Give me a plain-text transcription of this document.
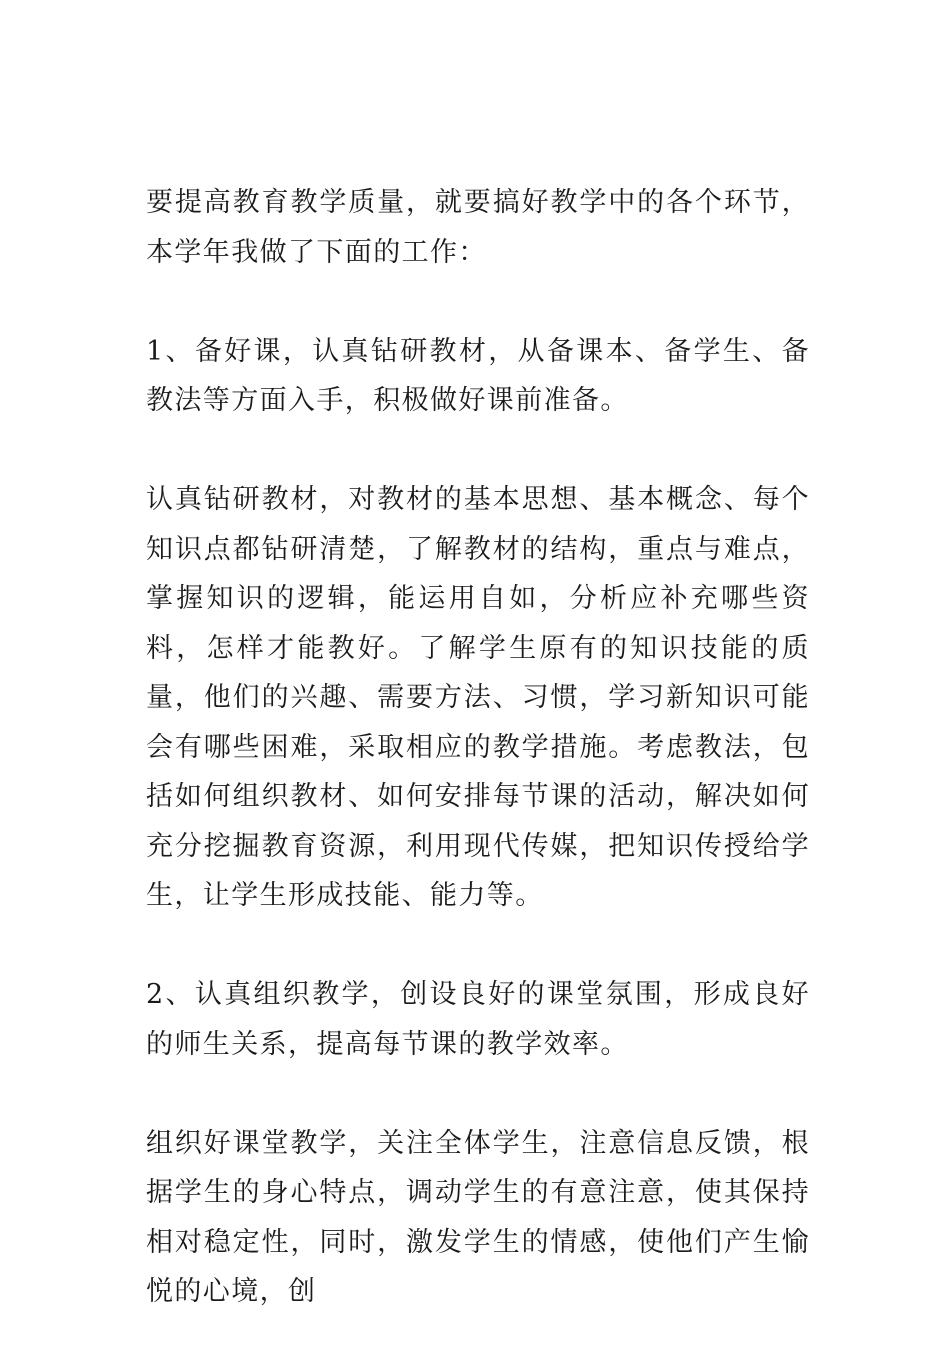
要提高教育教学质量，就要搞好教学中的各个环节，本学年我做了下面的工作：

1、备好课，认真钻研教材，从备课本、备学生、备教法等方面入手，积极做好课前准备。

认真钻研教材，对教材的基本思想、基本概念、每个知识点都钻研清楚，了解教材的结构，重点与难点，掌握知识的逻辑，能运用自如，分析应补充哪些资料，怎样才能教好。了解学生原有的知识技能的质量，他们的兴趣、需要方法、习惯，学习新知识可能会有哪些困难，采取相应的教学措施。考虑教法，包括如何组织教材、如何安排每节课的活动，解决如何充分挖掘教育资源，利用现代传媒，把知识传授给学生，让学生形成技能、能力等。

2、认真组织教学，创设良好的课堂氛围，形成良好的师生关系，提高每节课的教学效率。

组织好课堂教学，关注全体学生，注意信息反馈，根据学生的身心特点，调动学生的有意注意，使其保持相对稳定性，同时，激发学生的情感，使他们产生愉悦的心境，创
